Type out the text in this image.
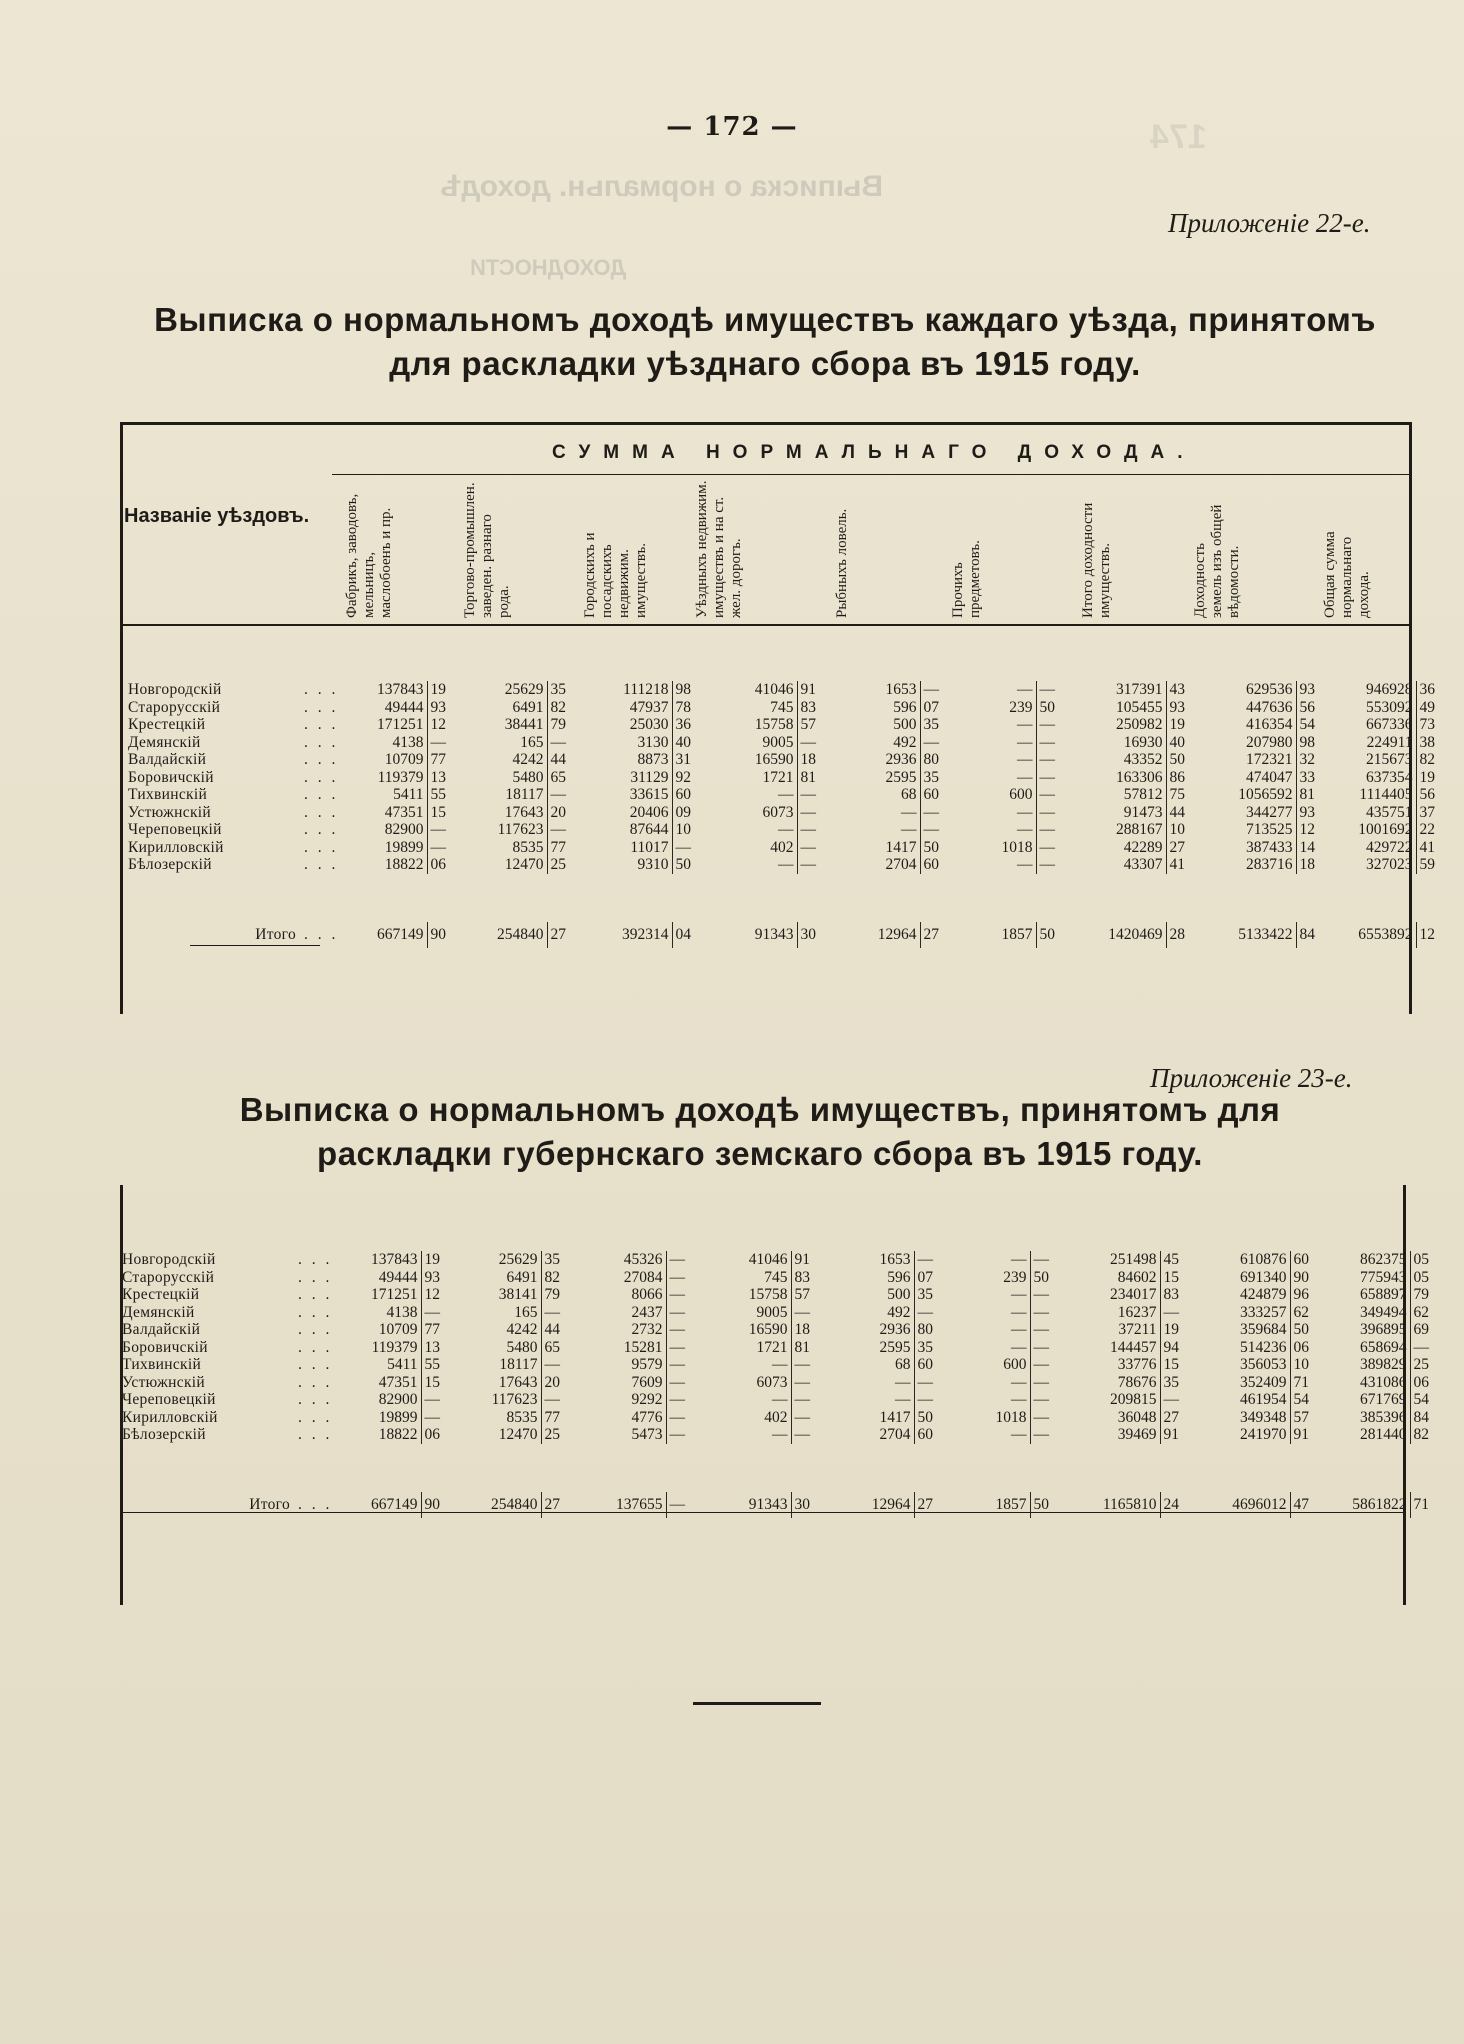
Выписка о нормальн. доходѣ
ДОХОДНОСТИ
174
— 172 —
Приложеніе 22-е.
Выписка о нормальномъ доходѣ имуществъ каждаго уѣзда, принятомъ для раскладки уѣзднаго сбора въ 1915 году.
Названіе уѣздовъ.
СУММА НОРМАЛЬНАГО ДОХОДА.
Фабрикъ, заводовъ, мельницъ, маслобоенъ и пр.	Торгово-промышлен. заведен. разнаго рода.	Городскихъ и посадскихъ недвижим. имуществъ.	Уѣздныхъ недвижим. имуществъ и на ст. жел. дорогъ.	Рыбныхъ ловель.	Прочихъ предметовъ.	Итого доходности имуществъ.	Доходность земель изъ общей вѣдомости.	Общая сумма нормальнаго дохода.
Новгородскій	. . .	137843	19	25629	35	111218	98	41046	91	1653	—	—	—	317391	43	629536	93	946928	36
Старорусскій	. . .	49444	93	6491	82	47937	78	745	83	596	07	239	50	105455	93	447636	56	553092	49
Крестецкій	. . .	171251	12	38441	79	25030	36	15758	57	500	35	—	—	250982	19	416354	54	667336	73
Демянскій	. . .	4138	—	165	—	3130	40	9005	—	492	—	—	—	16930	40	207980	98	224911	38
Валдайскій	. . .	10709	77	4242	44	8873	31	16590	18	2936	80	—	—	43352	50	172321	32	215673	82
Боровичскій	. . .	119379	13	5480	65	31129	92	1721	81	2595	35	—	—	163306	86	474047	33	637354	19
Тихвинскій	. . .	5411	55	18117	—	33615	60	—	—	68	60	600	—	57812	75	1056592	81	1114405	56
Устюжнскій	. . .	47351	15	17643	20	20406	09	6073	—	—	—	—	—	91473	44	344277	93	435751	37
Череповецкій	. . .	82900	—	117623	—	87644	10	—	—	—	—	—	—	288167	10	713525	12	1001692	22
Кирилловскій	. . .	19899	—	8535	77	11017	—	402	—	1417	50	1018	—	42289	27	387433	14	429722	41
Бѣлозерскій	. . .	18822	06	12470	25	9310	50	—	—	2704	60	—	—	43307	41	283716	18	327023	59

Итого	. . .	667149	90	254840	27	392314	04	91343	30	12964	27	1857	50	1420469	28	5133422	84	6553892	12
Приложеніе 23-е.
Выписка о нормальномъ доходѣ имуществъ, принятомъ для раскладки губернскаго земскаго сбора въ 1915 году.
Новгородскій	. . .	137843	19	25629	35	45326	—	41046	91	1653	—	—	—	251498	45	610876	60	862375	05
Старорусскій	. . .	49444	93	6491	82	27084	—	745	83	596	07	239	50	84602	15	691340	90	775943	05
Крестецкій	. . .	171251	12	38141	79	8066	—	15758	57	500	35	—	—	234017	83	424879	96	658897	79
Демянскій	. . .	4138	—	165	—	2437	—	9005	—	492	—	—	—	16237	—	333257	62	349494	62
Валдайскій	. . .	10709	77	4242	44	2732	—	16590	18	2936	80	—	—	37211	19	359684	50	396895	69
Боровичскій	. . .	119379	13	5480	65	15281	—	1721	81	2595	35	—	—	144457	94	514236	06	658694	—
Тихвинскій	. . .	5411	55	18117	—	9579	—	—	—	68	60	600	—	33776	15	356053	10	389829	25
Устюжнскій	. . .	47351	15	17643	20	7609	—	6073	—	—	—	—	—	78676	35	352409	71	431086	06
Череповецкій	. . .	82900	—	117623	—	9292	—	—	—	—	—	—	—	209815	—	461954	54	671769	54
Кирилловскій	. . .	19899	—	8535	77	4776	—	402	—	1417	50	1018	—	36048	27	349348	57	385396	84
Бѣлозерскій	. . .	18822	06	12470	25	5473	—	—	—	2704	60	—	—	39469	91	241970	91	281440	82

Итого	. . .	667149	90	254840	27	137655	—	91343	30	12964	27	1857	50	1165810	24	4696012	47	5861822	71
